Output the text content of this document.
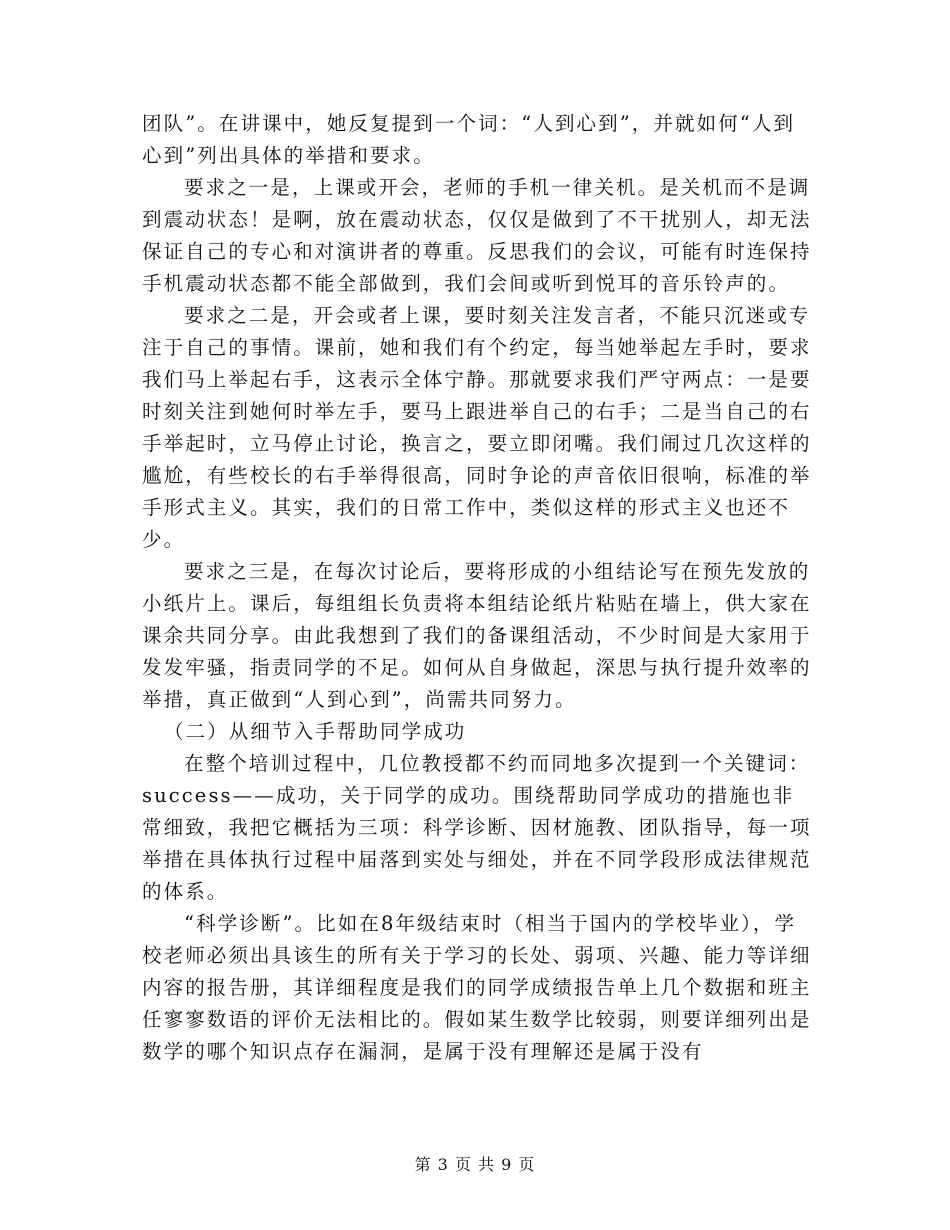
团队”。在讲课中，她反复提到一个词：“人到心到”，并就如何“人到心到”列出具体的举措和要求。

要求之一是，上课或开会，老师的手机一律关机。是关机而不是调到震动状态！是啊，放在震动状态，仅仅是做到了不干扰别人，却无法保证自己的专心和对演讲者的尊重。反思我们的会议，可能有时连保持手机震动状态都不能全部做到，我们会间或听到悦耳的音乐铃声的。

要求之二是，开会或者上课，要时刻关注发言者，不能只沉迷或专注于自己的事情。课前，她和我们有个约定，每当她举起左手时，要求我们马上举起右手，这表示全体宁静。那就要求我们严守两点：一是要时刻关注到她何时举左手，要马上跟进举自己的右手；二是当自己的右手举起时，立马停止讨论，换言之，要立即闭嘴。我们闹过几次这样的尴尬，有些校长的右手举得很高，同时争论的声音依旧很响，标准的举手形式主义。其实，我们的日常工作中，类似这样的形式主义也还不少。

要求之三是，在每次讨论后，要将形成的小组结论写在预先发放的小纸片上。课后，每组组长负责将本组结论纸片粘贴在墙上，供大家在课余共同分享。由此我想到了我们的备课组活动，不少时间是大家用于发发牢骚，指责同学的不足。如何从自身做起，深思与执行提升效率的举措，真正做到“人到心到”，尚需共同努力。

（二）从细节入手帮助同学成功

在整个培训过程中，几位教授都不约而同地多次提到一个关键词：success——成功，关于同学的成功。围绕帮助同学成功的措施也非常细致，我把它概括为三项：科学诊断、因材施教、团队指导，每一项举措在具体执行过程中届落到实处与细处，并在不同学段形成法律规范的体系。

“科学诊断”。比如在8年级结束时（相当于国内的学校毕业），学校老师必须出具该生的所有关于学习的长处、弱项、兴趣、能力等详细内容的报告册，其详细程度是我们的同学成绩报告单上几个数据和班主任寥寥数语的评价无法相比的。假如某生数学比较弱，则要详细列出是数学的哪个知识点存在漏洞，是属于没有理解还是属于没有

第 3 页 共 9 页
